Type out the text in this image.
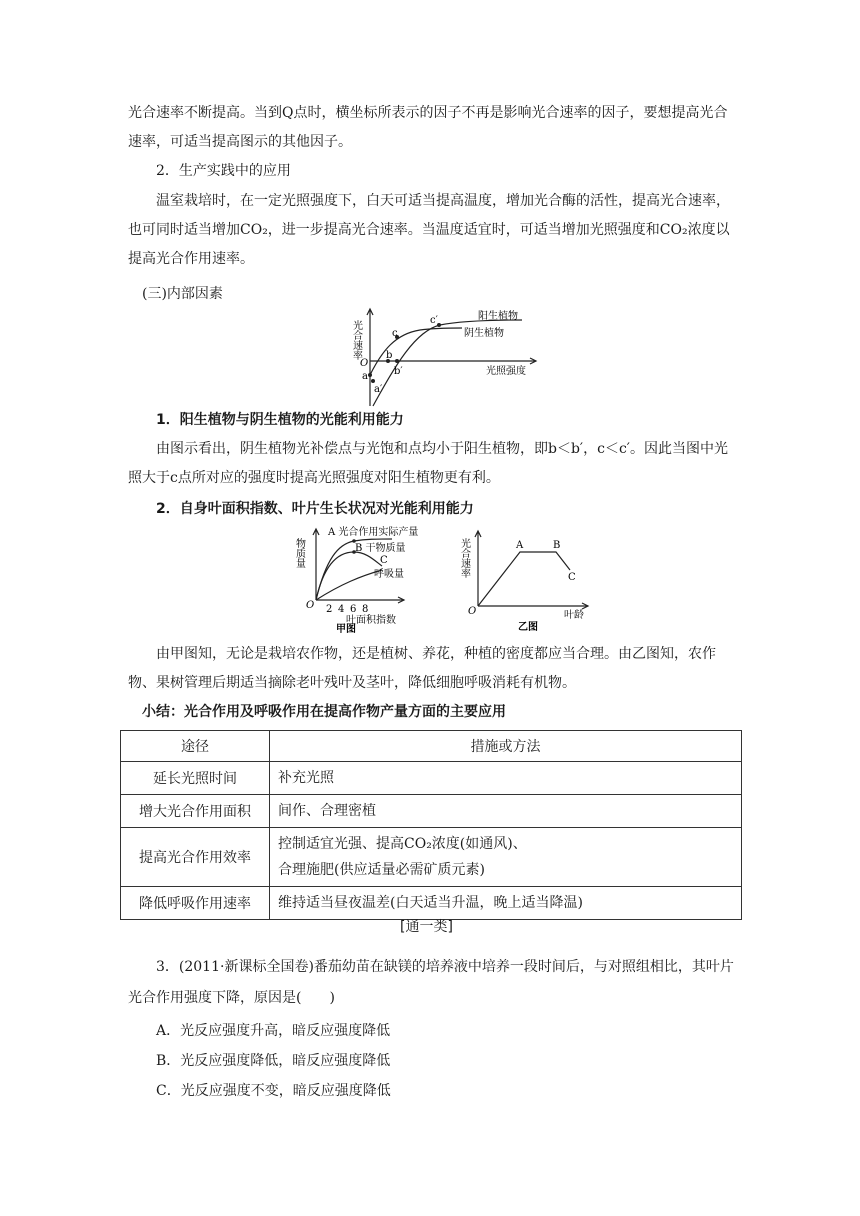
光合速率不断提高。当到Q点时，横坐标所表示的因子不再是影响光合速率的因子，要想提高光合速率，可适当提高图示的其他因子。

2．生产实践中的应用

温室栽培时，在一定光照强度下，白天可适当提高温度，增加光合酶的活性，提高光合速率，也可同时适当增加CO₂，进一步提高光合速率。当温度适宜时，可适当增加光照强度和CO₂浓度以提高光合作用速率。

(三)内部因素

光合速率
O
光照强度
阳生植物
阴生植物
c′
c
b
b′
a
a′

1．阳生植物与阴生植物的光能利用能力

由图示看出，阴生植物光补偿点与光饱和点均小于阳生植物，即b＜b′，c＜c′。因此当图中光照大于c点所对应的强度时提高光照强度对阳生植物更有利。

2．自身叶面积指数、叶片生长状况对光能利用能力

物质量
O
A 光合作用实际产量
B 干物质量
C
呼吸量
2 4 6 8
叶面积指数
甲图
光合速率
O
A	B
C
叶龄
乙图

由甲图知，无论是栽培农作物，还是植树、养花，种植的密度都应当合理。由乙图知，农作物、果树管理后期适当摘除老叶残叶及茎叶，降低细胞呼吸消耗有机物。

小结：光合作用及呼吸作用在提高作物产量方面的主要应用

途径	措施或方法
延长光照时间	补充光照
增大光合作用面积	间作、合理密植
提高光合作用效率	控制适宜光强、提高CO₂浓度(如通风)、
合理施肥(供应适量必需矿质元素)

降低呼吸作用速率	维持适当昼夜温差(白天适当升温，晚上适当降温)

[通一类]

3．(2011·新课标全国卷)番茄幼苗在缺镁的培养液中培养一段时间后，与对照组相比，其叶片光合作用强度下降，原因是(　　)

A．光反应强度升高，暗反应强度降低

B．光反应强度降低，暗反应强度降低

C．光反应强度不变，暗反应强度降低
